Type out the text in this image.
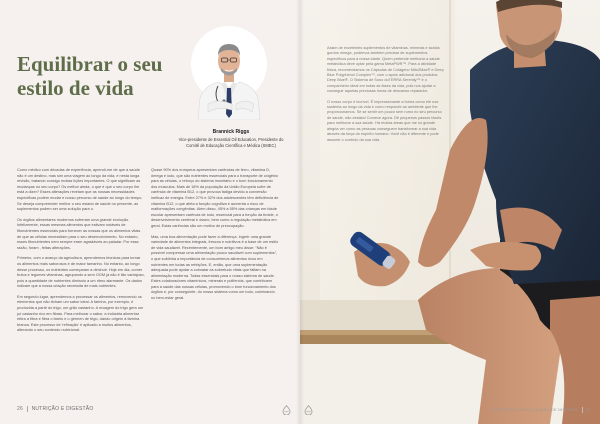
Equilibrar o seu estilo de vida
Brannick Riggs
Vice-presidente de Essential Oil Education, Presidente do Comitê de Educação Científica e Médica (SMEC)

Como médico com décadas de experiência, aprendi-me de que a saúde não é um destino, mas sim uma viagem ao longo da vida, e nesta longa revisão, tratando consigo muitas lições importantes. O que significam as mudanças no seu corpo? Os melhor ainda, o que é que o seu corpo lhe está a dizer? Esses alterações revelam que as nossas necessidades específicas podem mudar e nosso percurso de saúde ao longo do tempo. Se deseja compreender melhor o seu estado de saúde no presente, as suplementos podem ser uma solução para o.

Os órgãos alimentares modernos sofreram uma grande evolução. Infelizmente, essas mesmas alimentos que estivam notáveis de fitonutrientes essenciais para fornecer as nossas que os alimentos vitais de que as células necessitam para o seu desenvolvimento. No entanto, esses fitonutrientes nem sempre eram agradáveis ao paladar. Por essa razão, foram , feitas alterações.

Primeiro, com o avanço da agricultura, aprendemos técnicas para tornar os alimentos mais saborosos e de maior tamanho. No entanto, ao longo desse processo, os nutrientes começaram a diminuir. Hoje em dia, comer frutos e legumes vitaminas, agrupando a sem OGM já não é tão vantajoso, pois a quantidade de nutrientes diminuiu a um ritmo alarmante. Os dados indicam que a nossa criação necessita de mais nutrientes.

Em segundo lugar, aprendemos a processar os alimentos, removendo os elementos que não tinham um sabor ideal. A farinha, por exemplo, é produzida a partir do trigo, um grão castanho. A moagem do trigo gera um pó castanho rico em fibras. Para melhorar o sabor, a indústria alimentar retira a fibra e fibra o farelo e o gérmen de trigo, dando origem à farinha branca. Este processo de 'refinação' é aplicado a muitos alimentos, alterando o seu conteúdo nutricional.

Quase 90% dos europeus apresentam carências de ferro, vitamina D, ômega e iodo, que são nutrientes essenciais para o transporte de oxigênio para as células, o reforço do sistema imunitário e o bom funcionamento dos músculos. Mais de 18% da população da União Europeia sofre de carência de vitamina B12, o que provoca fadiga devido a conversão ineficaz de energia. Entre 27% e 32% dos adolescentes têm deficiência de vitamina B12, o que afeta a função cognitiva e aumenta o risco de malformações congênitas. Além disso, 45% a 55% das crianças em idade escolar apresentam carência de iodo, essencial para a função da tiroide, o desenvolvimento cerebral e ósseo, bem como a regulação metabólica em geral. Estas carências são um motivo de preocupação.

Mas, uma boa alimentação pode fazer a diferença. Ingerir uma grande variedade de alimentos integrais, frescos e nutritivos é a base de um estilo de vida saudável. Recentemente, um bom amigo meu disse: "Não é possível compensar uma alimentação pouco saudável com suplementos", o que sublinha a importância de consumirmos alimentos ricos em nutrientes em todas as refeições. E, então, que uma suplementação adequada pode ajudar a colmatar as sobretudo vitais que faltam na alimentação moderna. Todas essenciais para o nosso sistema de saúde. Estes colaboradores vitamínicos, minerais e polifenóis, que contribuem para a saúde das nossas células, promovendo o bom funcionamento dos órgãos e, por conseguinte, do nosso sistema como um todo, culminando no bem-estar geral.

26 NUTRIÇÃO E DIGESTÃO

Assim de excelentes suplementos de vitaminas, minerais e ácidos gordos ómega, podemos também precisar de suplementos específicos para a nossa idade. Quem pretende melhorar a saúde metabólica deve optar pela gama MetaPWR™. Para a atividade física, recomendamos os Cápsulas de Colágeno Mito2Max® e Deep Blue Polyphenol Complex™, com o apoio adicional dos produtos Deep Blue®. O Sistema de Sono doTERRA Serenity™ é o companheiro ideal em todas as fases da vida, pois nos ajudar a conseguir aquelas preciosas horas de descanso reparador.

O nosso corpo é incrível. É impressionante a forma como ele nos sustenta ao longo da vida e como responde ao ambiente que lhe proporcionamos. Se se sentir um pouco sem rumo no seu percurso de saúde, não desista! Comece agora. Dê pequenos passos fáceis para melhorar a sua saúde. Há muitas áreas que me só grande alegria ver como as pessoas conseguem transformar a sua vida através da força do espírito humano. Você não é diferente e pode assumir o controlo da sua vida.

DOTERRA LIVING | EDIÇÃO DE INVERNO 27
